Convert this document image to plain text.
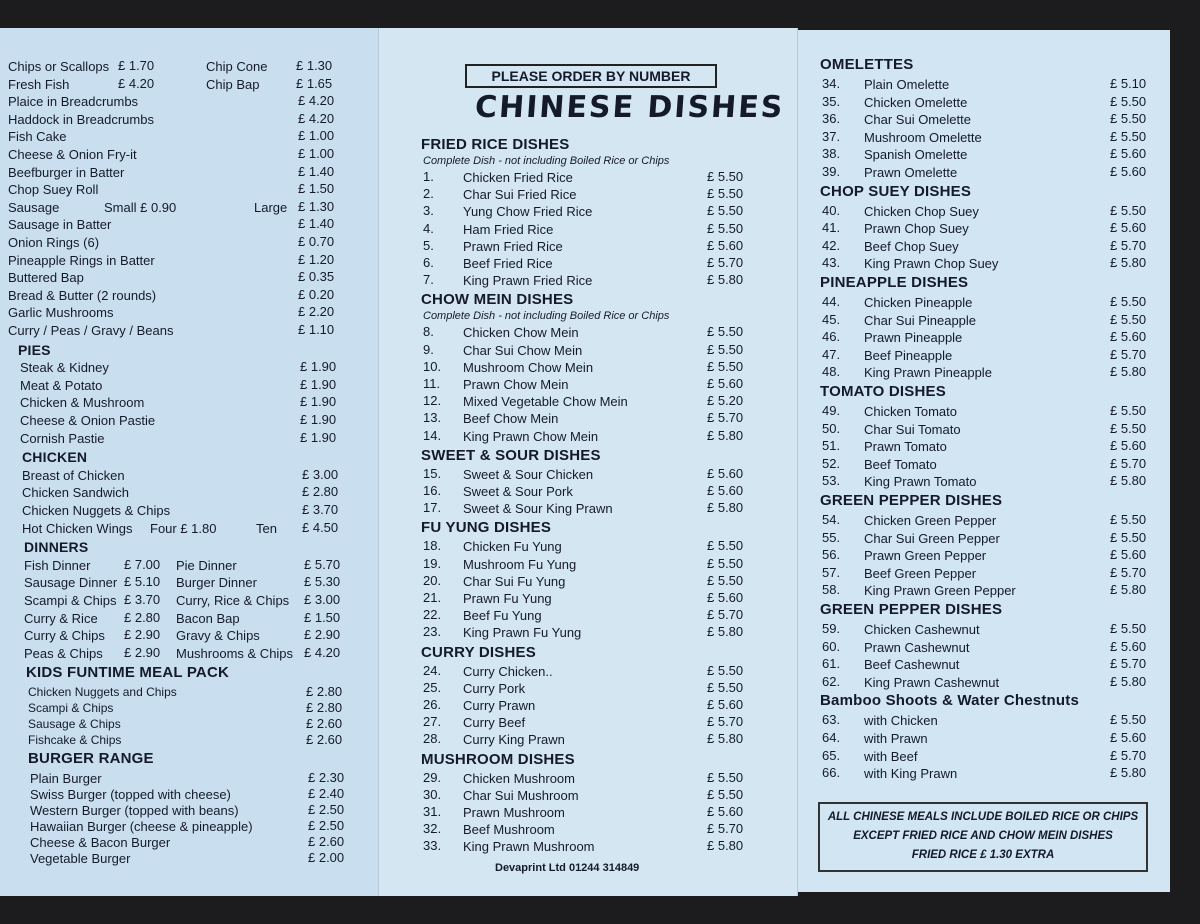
Chips or Scallops £ 1.70	Chip Cone £ 1.30
Fresh Fish	£ 4.20	Chip Bap	£ 1.65
Plaice in Breadcrumbs	£ 4.20
Haddock in Breadcrumbs	£ 4.20
Fish Cake	£ 1.00
Cheese & Onion Fry-it	£ 1.00
Beefburger in Batter	£ 1.40
Chop Suey Roll	£ 1.50
Sausage	Small £ 0.90	Large £ 1.30
Sausage in Batter	£ 1.40
Onion Rings (6)	£ 0.70
Pineapple Rings in Batter	£ 1.20
Buttered Bap	£ 0.35
Bread & Butter (2 rounds)	£ 0.20
Garlic Mushrooms	£ 2.20
Curry / Peas / Gravy / Beans	£ 1.10
PIES
Steak & Kidney	£ 1.90
Meat & Potato	£ 1.90
Chicken & Mushroom	£ 1.90
Cheese & Onion Pastie	£ 1.90
Cornish Pastie	£ 1.90
CHICKEN
Breast of Chicken	£ 3.00
Chicken Sandwich	£ 2.80
Chicken Nuggets & Chips	£ 3.70
Hot Chicken Wings Four £ 1.80	Ten £ 4.50
DINNERS
Fish Dinner	£ 7.00 Pie Dinner	£ 5.70
Sausage Dinner £ 5.10 Burger Dinner	£ 5.30
Scampi & Chips £ 3.70 Curry, Rice & Chips £ 3.00
Curry & Rice £ 2.80 Bacon Bap	£ 1.50
Curry & Chips £ 2.90 Gravy & Chips	£ 2.90
Peas & Chips £ 2.90 Mushrooms & Chips £ 4.20
KIDS FUNTIME MEAL PACK
Chicken Nuggets and Chips	£ 2.80
Scampi & Chips	£ 2.80
Sausage & Chips	£ 2.60
Fishcake & Chips	£ 2.60
BURGER RANGE
Plain Burger	£ 2.30
Swiss Burger (topped with cheese)	£ 2.40
Western Burger (topped with beans)	£ 2.50
Hawaiian Burger (cheese & pineapple)	£ 2.50
Cheese & Bacon Burger	£ 2.60
Vegetable Burger	£ 2.00
PLEASE ORDER BY NUMBER
CHINESE DISHES
Devaprint Ltd 01244 314849
FRIED RICE DISHES
Complete Dish - not including Boiled Rice or Chips
1.	Chicken Fried Rice	£ 5.50
2.	Char Sui Fried Rice	£ 5.50
3.	Yung Chow Fried Rice	£ 5.50
4.	Ham Fried Rice	£ 5.50
5.	Prawn Fried Rice	£ 5.60
6.	Beef Fried Rice	£ 5.70
7.	King Prawn Fried Rice	£ 5.80
CHOW MEIN DISHES
Complete Dish - not including Boiled Rice or Chips
8.	Chicken Chow Mein	£ 5.50
9.	Char Sui Chow Mein	£ 5.50
10.	Mushroom Chow Mein	£ 5.50
11.	Prawn Chow Mein	£ 5.60
12.	Mixed Vegetable Chow Mein	£ 5.20
13.	Beef Chow Mein	£ 5.70
14.	King Prawn Chow Mein	£ 5.80
SWEET & SOUR DISHES
15.	Sweet & Sour Chicken	£ 5.60
16.	Sweet & Sour Pork	£ 5.60
17.	Sweet & Sour King Prawn	£ 5.80
FU YUNG DISHES
18.	Chicken Fu Yung	£ 5.50
19.	Mushroom Fu Yung	£ 5.50
20.	Char Sui Fu Yung	£ 5.50
21.	Prawn Fu Yung	£ 5.60
22.	Beef Fu Yung	£ 5.70
23.	King Prawn Fu Yung	£ 5.80
CURRY DISHES
24.	Curry Chicken..	£ 5.50
25.	Curry Pork	£ 5.50
26.	Curry Prawn	£ 5.60
27.	Curry Beef	£ 5.70
28.	Curry King Prawn	£ 5.80
MUSHROOM DISHES
29.	Chicken Mushroom	£ 5.50
30.	Char Sui Mushroom	£ 5.50
31.	Prawn Mushroom	£ 5.60
32.	Beef Mushroom	£ 5.70
33.	King Prawn Mushroom	£ 5.80
ALL CHINESE MEALS INCLUDE BOILED RICE OR CHIPS
EXCEPT FRIED RICE AND CHOW MEIN DISHES
FRIED RICE £ 1.30 EXTRA
OMELETTES
34.	Plain Omelette	£ 5.10
35.	Chicken Omelette	£ 5.50
36.	Char Sui Omelette	£ 5.50
37.	Mushroom Omelette	£ 5.50
38.	Spanish Omelette	£ 5.60
39.	Prawn Omelette	£ 5.60
CHOP SUEY DISHES
40.	Chicken Chop Suey	£ 5.50
41.	Prawn Chop Suey	£ 5.60
42.	Beef Chop Suey	£ 5.70
43.	King Prawn Chop Suey	£ 5.80
PINEAPPLE DISHES
44.	Chicken Pineapple	£ 5.50
45.	Char Sui Pineapple	£ 5.50
46.	Prawn Pineapple	£ 5.60
47.	Beef Pineapple	£ 5.70
48.	King Prawn Pineapple	£ 5.80
TOMATO DISHES
49.	Chicken Tomato	£ 5.50
50.	Char Sui Tomato	£ 5.50
51.	Prawn Tomato	£ 5.60
52.	Beef Tomato	£ 5.70
53.	King Prawn Tomato	£ 5.80
GREEN PEPPER DISHES
54.	Chicken Green Pepper	£ 5.50
55.	Char Sui Green Pepper	£ 5.50
56.	Prawn Green Pepper	£ 5.60
57.	Beef Green Pepper	£ 5.70
58.	King Prawn Green Pepper	£ 5.80
GREEN PEPPER DISHES
59.	Chicken Cashewnut	£ 5.50
60.	Prawn Cashewnut	£ 5.60
61.	Beef Cashewnut	£ 5.70
62.	King Prawn Cashewnut	£ 5.80
Bamboo Shoots & Water Chestnuts
63.	with Chicken	£ 5.50
64.	with Prawn	£ 5.60
65.	with Beef	£ 5.70
66.	with King Prawn	£ 5.80
